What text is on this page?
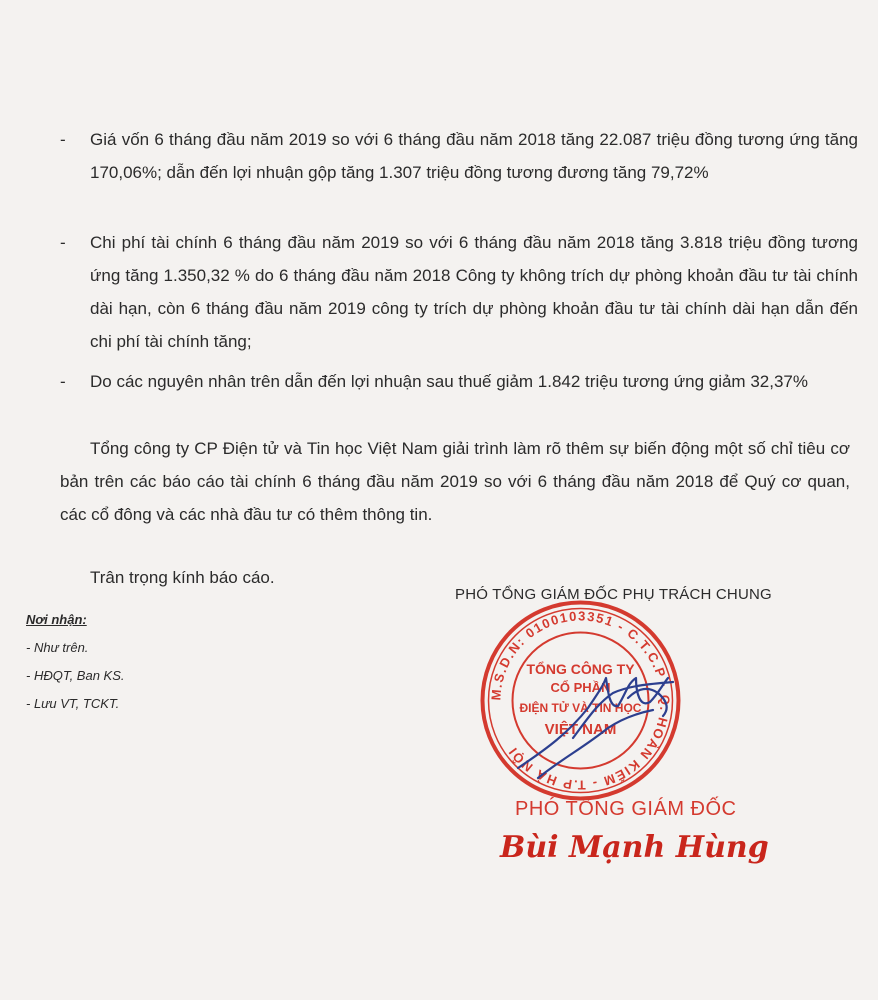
- Giá vốn 6 tháng đầu năm 2019 so với 6 tháng đầu năm 2018 tăng 22.087 triệu đồng tương ứng tăng 170,06%; dẫn đến lợi nhuận gộp tăng 1.307 triệu đồng tương đương tăng 79,72%
- Chi phí tài chính 6 tháng đầu năm 2019 so với 6 tháng đầu năm 2018 tăng 3.818 triệu đồng tương ứng tăng 1.350,32 % do 6 tháng đầu năm 2018 Công ty không trích dự phòng khoản đầu tư tài chính dài hạn, còn 6 tháng đầu năm 2019 công ty trích dự phòng khoản đầu tư tài chính dài hạn dẫn đến chi phí tài chính tăng;
- Do các nguyên nhân trên dẫn đến lợi nhuận sau thuế giảm 1.842 triệu tương ứng giảm 32,37%
Tổng công ty CP Điện tử và Tin học Việt Nam giải trình làm rõ thêm sự biến động một số chỉ tiêu cơ bản trên các báo cáo tài chính 6 tháng đầu năm 2019 so với 6 tháng đầu năm 2018 để Quý cơ quan, các cổ đông và các nhà đầu tư có thêm thông tin.
Trân trọng kính báo cáo.
Nơi nhận:
- Như trên.
- HĐQT, Ban KS.
- Lưu VT, TCKT.
PHÓ TỔNG GIÁM ĐỐC PHỤ TRÁCH CHUNG
M.S.D.N: 0100103351 - C.T.C.P · Q. HOÀN KIẾM - T.P HÀ NỘI
TỔNG CÔNG TY
CỔ PHẦN
ĐIỆN TỬ VÀ TIN HỌC
VIỆT NAM
PHÓ TỔNG GIÁM ĐỐC
Bùi Mạnh Hùng
